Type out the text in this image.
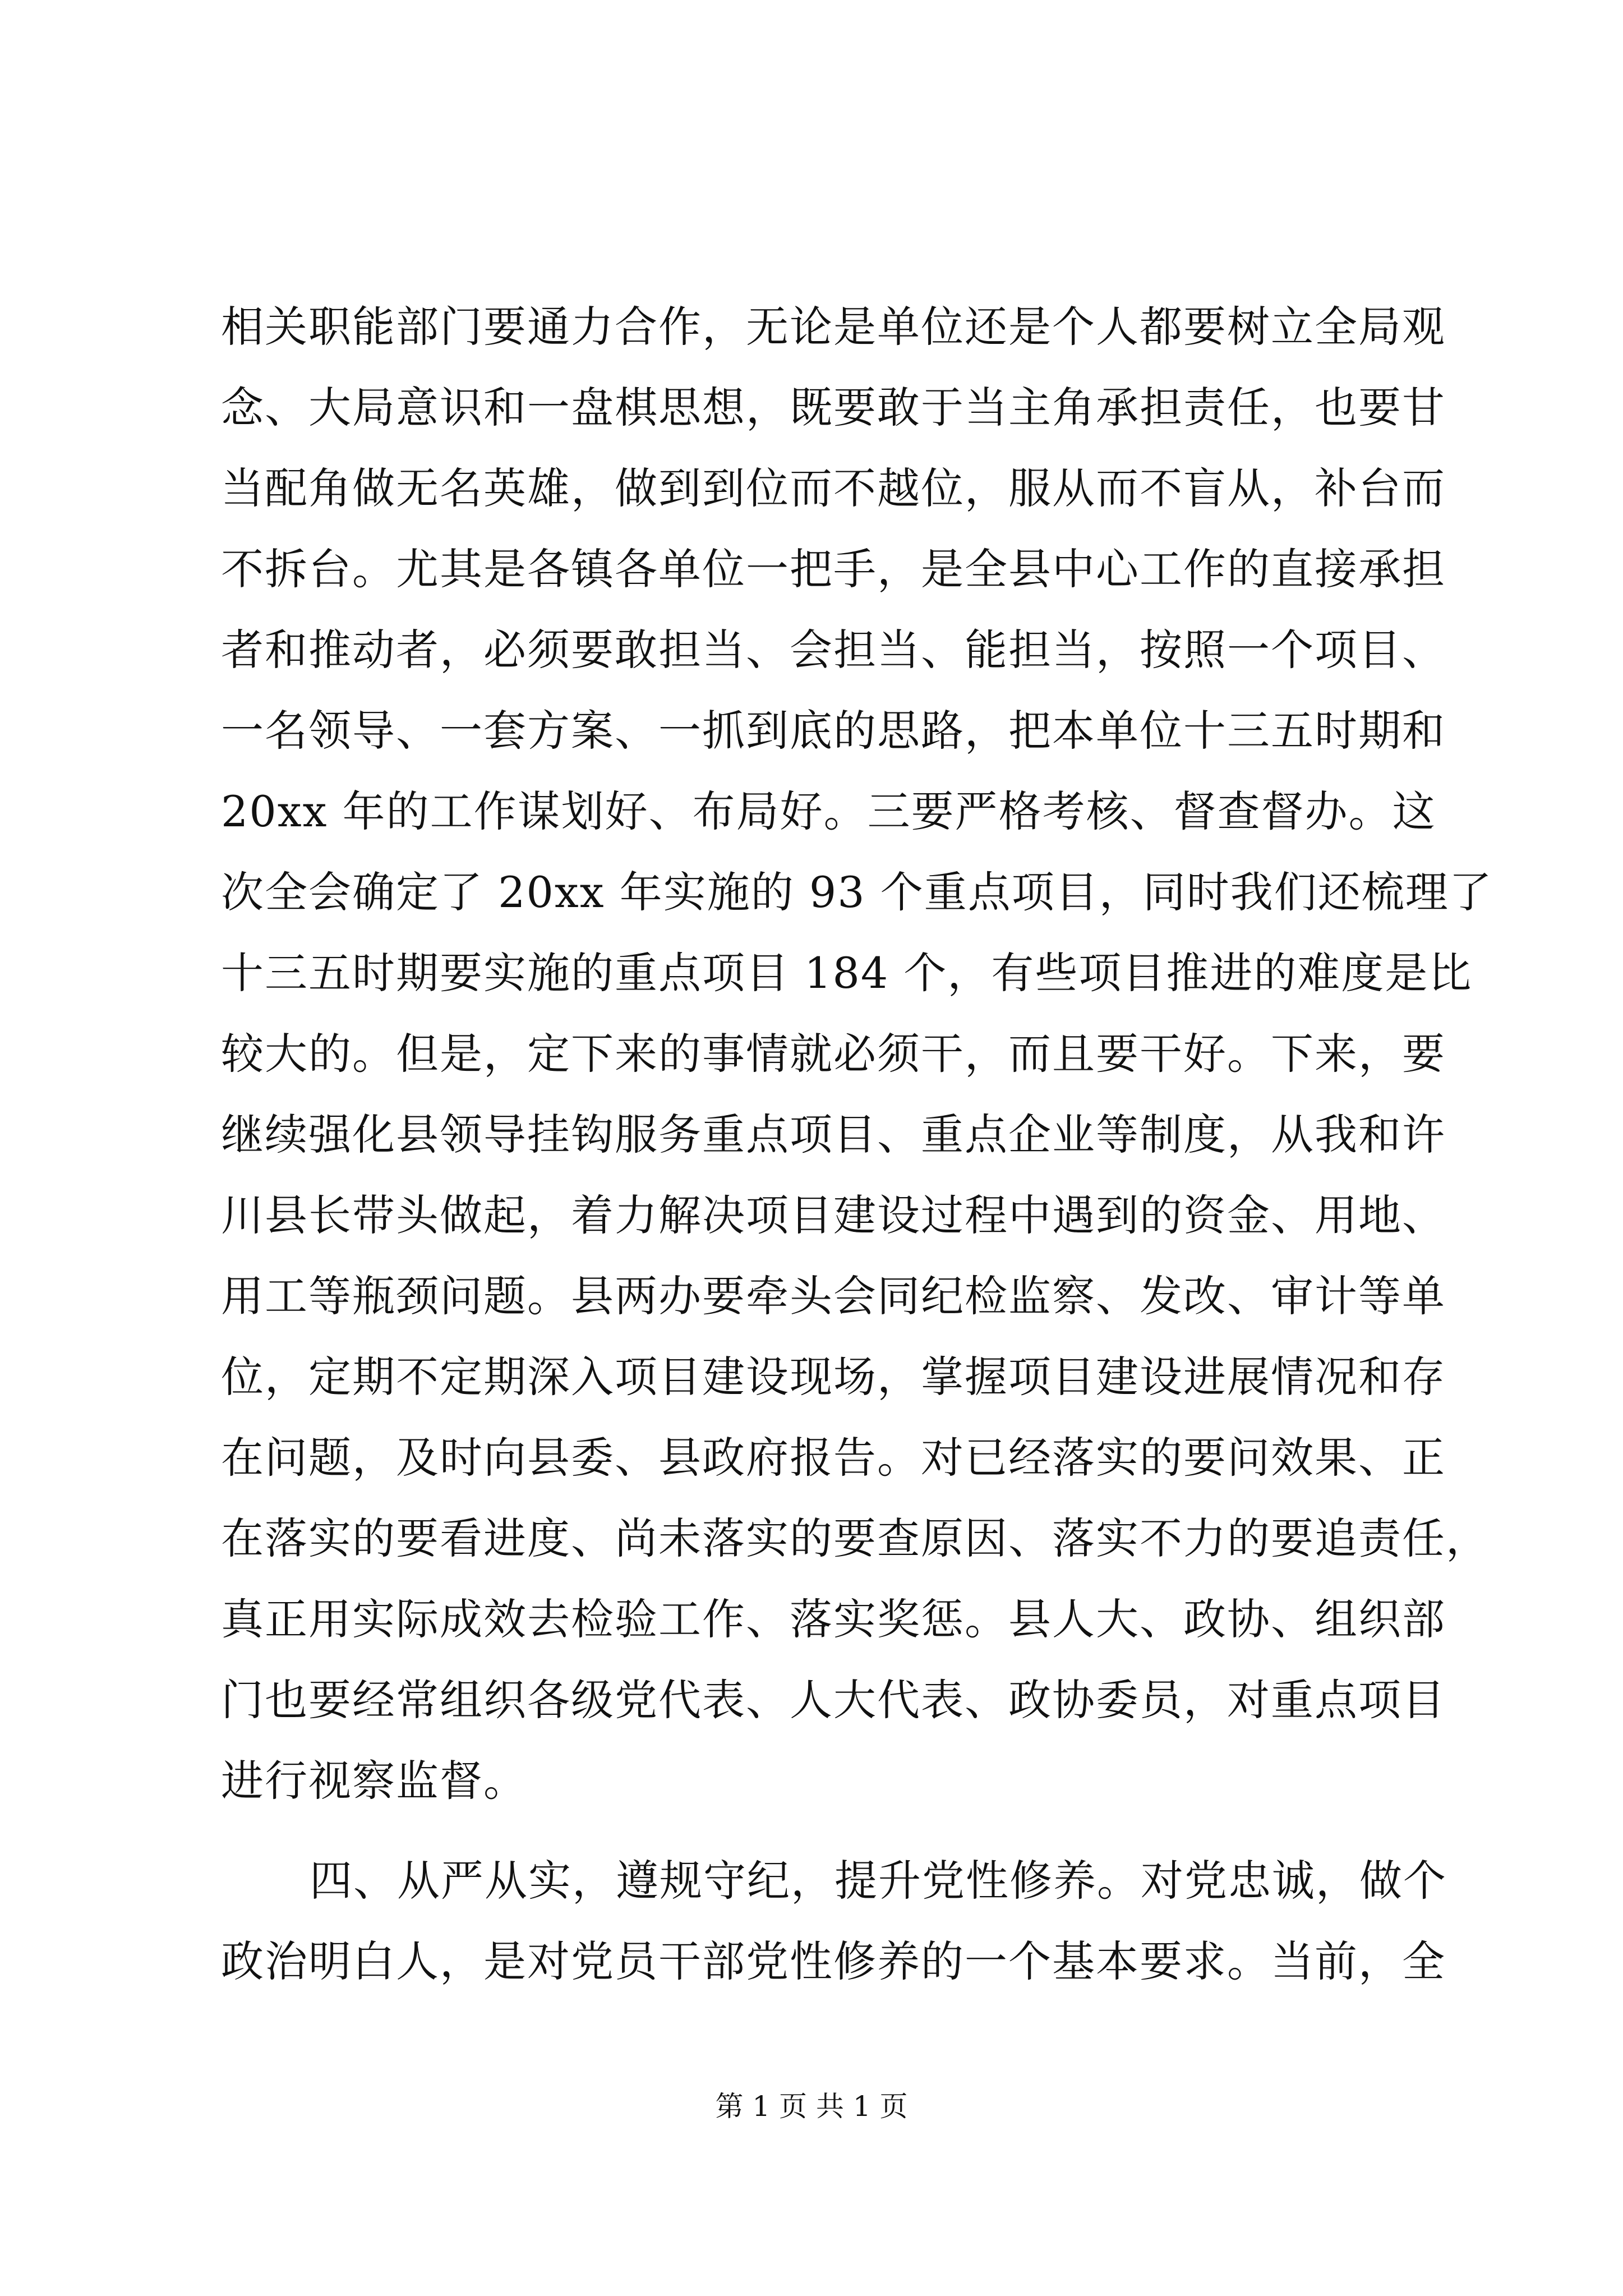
相关职能部门要通力合作，无论是单位还是个人都要树立全局观
念、大局意识和一盘棋思想，既要敢于当主角承担责任，也要甘
当配角做无名英雄，做到到位而不越位，服从而不盲从，补台而
不拆台。尤其是各镇各单位一把手，是全县中心工作的直接承担
者和推动者，必须要敢担当、会担当、能担当，按照一个项目、
一名领导、一套方案、一抓到底的思路，把本单位十三五时期和
20xx 年的工作谋划好、布局好。三要严格考核、督查督办。这
次全会确定了 20xx 年实施的 93 个重点项目，同时我们还梳理了
十三五时期要实施的重点项目 184 个，有些项目推进的难度是比
较大的。但是，定下来的事情就必须干，而且要干好。下来，要
继续强化县领导挂钩服务重点项目、重点企业等制度，从我和许
川县长带头做起，着力解决项目建设过程中遇到的资金、用地、
用工等瓶颈问题。县两办要牵头会同纪检监察、发改、审计等单
位，定期不定期深入项目建设现场，掌握项目建设进展情况和存
在问题，及时向县委、县政府报告。对已经落实的要问效果、正
在落实的要看进度、尚未落实的要查原因、落实不力的要追责任，
真正用实际成效去检验工作、落实奖惩。县人大、政协、组织部
门也要经常组织各级党代表、人大代表、政协委员，对重点项目
进行视察监督。
四、从严从实，遵规守纪，提升党性修养。对党忠诚，做个
政治明白人，是对党员干部党性修养的一个基本要求。当前，全
第 1 页 共 1 页
